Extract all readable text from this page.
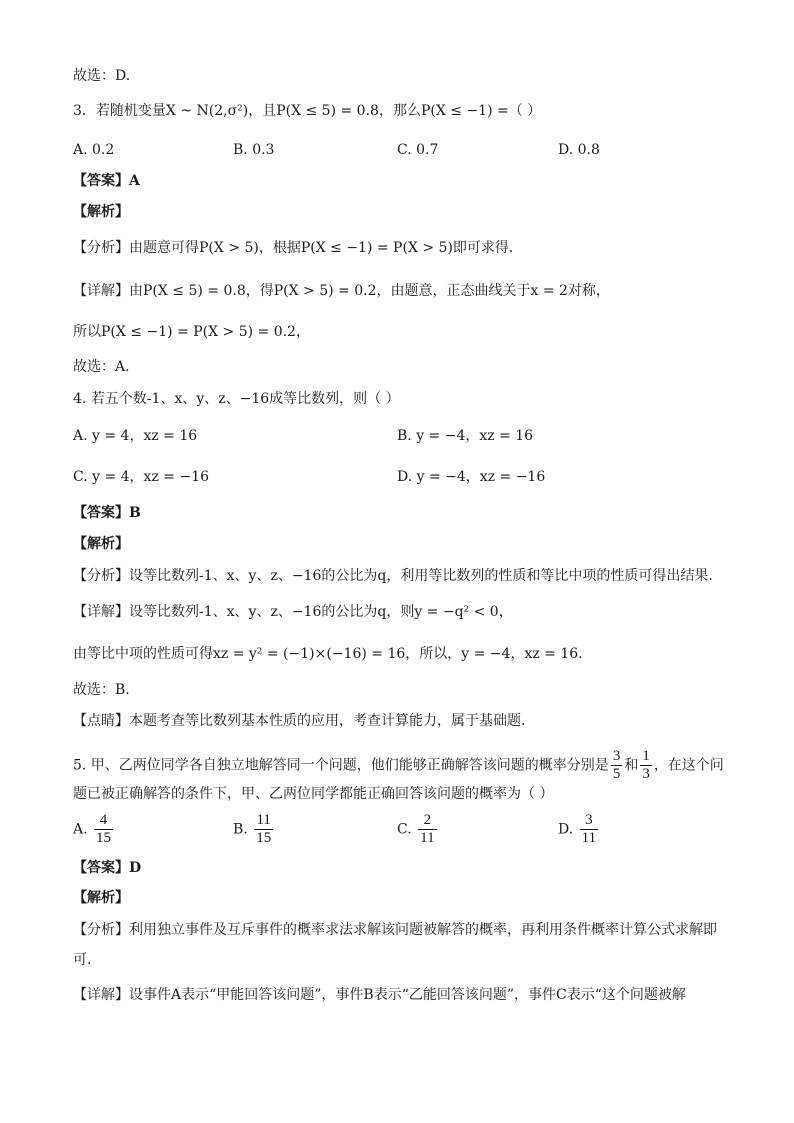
故选：D.
3．若随机变量X ~ N(2,σ²)，且P(X ≤ 5) = 0.8，那么P(X ≤ −1) =（ ）
A. 0.2	B. 0.3	C. 0.7	D. 0.8
【答案】A
【解析】
【分析】由题意可得P(X > 5)，根据P(X ≤ −1) = P(X > 5)即可求得．
【详解】由P(X ≤ 5) = 0.8，得P(X > 5) = 0.2，由题意，正态曲线关于x = 2对称，
所以P(X ≤ −1) = P(X > 5) = 0.2，
故选：A．
4. 若五个数-1、x、y、z、−16成等比数列，则（ ）
A. y = 4，xz = 16	B. y = −4，xz = 16
C. y = 4，xz = −16	D. y = −4，xz = −16
【答案】B
【解析】
【分析】设等比数列-1、x、y、z、−16的公比为q，利用等比数列的性质和等比中项的性质可得出结果.
【详解】设等比数列-1、x、y、z、−16的公比为q，则y = −q² < 0，
由等比中项的性质可得xz = y² = (−1)×(−16) = 16，所以，y = −4，xz = 16.
故选：B.
【点睛】本题考查等比数列基本性质的应用，考查计算能力，属于基础题.
5. 甲、乙两位同学各自独立地解答同一个问题，他们能够正确解答该问题的概率分别是 $\frac{3}{5}$ 和 $\frac{1}{3}$ ，在这个问
题已被正确解答的条件下，甲、乙两位同学都能正确回答该问题的概率为（ ）
A. $\frac{4}{15}$	B. $\frac{11}{15}$	C. $\frac{2}{11}$	D. $\frac{3}{11}$
【答案】D
【解析】
【分析】利用独立事件及互斥事件的概率求法求解该问题被解答的概率，再利用条件概率计算公式求解即
可.
【详解】设事件A表示“甲能回答该问题”，事件B表示“乙能回答该问题”，事件C表示“这个问题被解
